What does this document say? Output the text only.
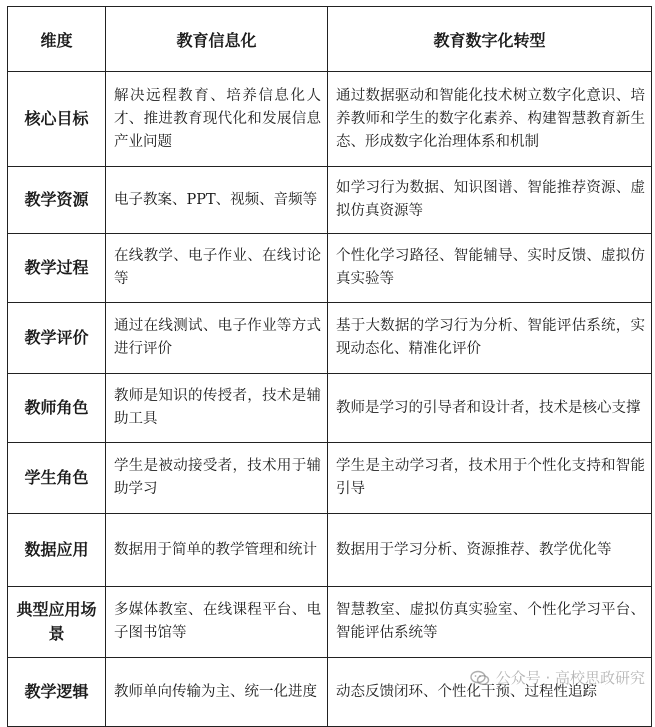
维度	教育信息化	教育数字化转型
核心目标	解决远程教育、培养信息化人才、推进教育现代化和发展信息产业问题	通过数据驱动和智能化技术树立数字化意识、培养教师和学生的数字化素养、构建智慧教育新生态、形成数字化治理体系和机制
教学资源	电子教案、PPT、视频、音频等	如学习行为数据、知识图谱、智能推荐资源、虚拟仿真资源等
教学过程	在线教学、电子作业、在线讨论等	个性化学习路径、智能辅导、实时反馈、虚拟仿真实验等
教学评价	通过在线测试、电子作业等方式进行评价	基于大数据的学习行为分析、智能评估系统，实现动态化、精准化评价
教师角色	教师是知识的传授者，技术是辅助工具	教师是学习的引导者和设计者，技术是核心支撑
学生角色	学生是被动接受者，技术用于辅助学习	学生是主动学习者，技术用于个性化支持和智能引导
数据应用	数据用于简单的教学管理和统计	数据用于学习分析、资源推荐、教学优化等
典型应用场景	多媒体教室、在线课程平台、电子图书馆等	智慧教室、虚拟仿真实验室、个性化学习平台、智能评估系统等
教学逻辑	教师单向传输为主、统一化进度	动态反馈闭环、个性化干预、过程性追踪
公众号 · 高校思政研究
